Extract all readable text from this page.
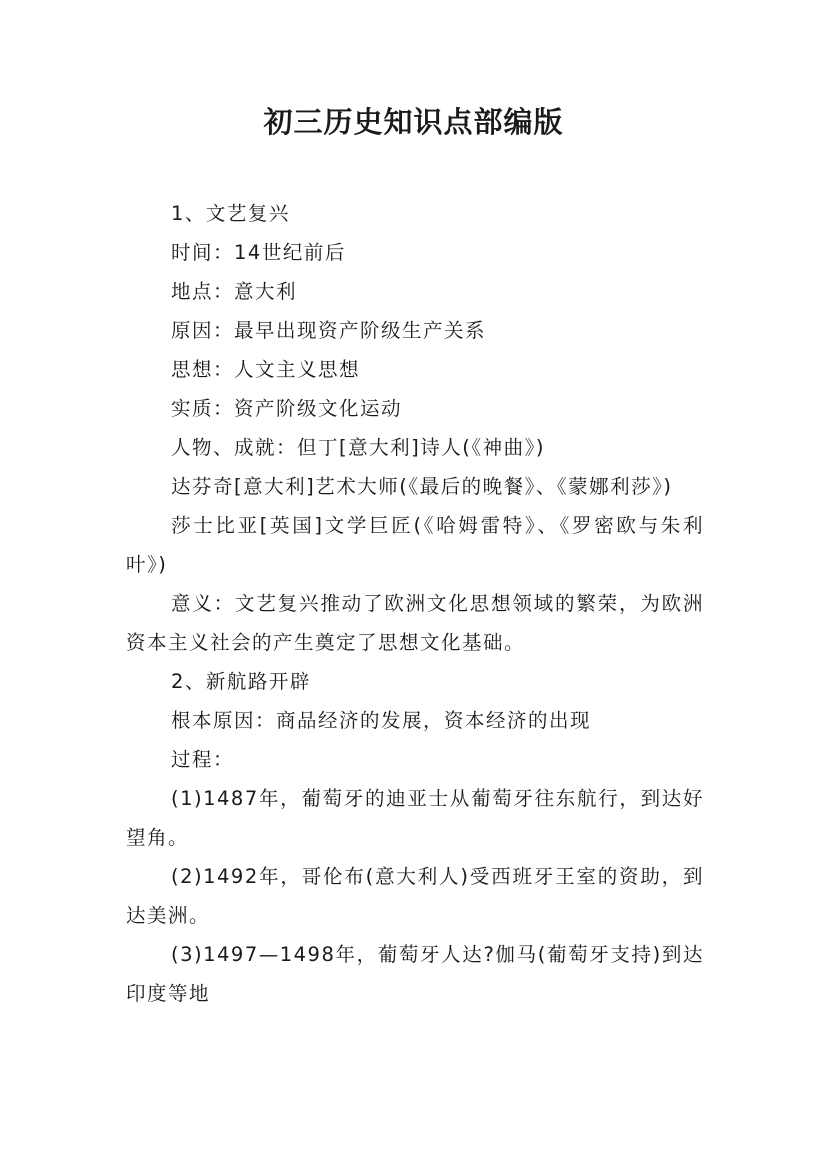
初三历史知识点部编版

1、文艺复兴

时间：14世纪前后

地点：意大利

原因：最早出现资产阶级生产关系

思想：人文主义思想

实质：资产阶级文化运动

人物、成就：但丁[意大利]诗人(《神曲》)

达芬奇[意大利]艺术大师(《最后的晚餐》、《蒙娜利莎》)

莎士比亚[英国]文学巨匠(《哈姆雷特》、《罗密欧与朱利叶》)

意义：文艺复兴推动了欧洲文化思想领域的繁荣，为欧洲资本主义社会的产生奠定了思想文化基础。

2、新航路开辟

根本原因：商品经济的发展，资本经济的出现

过程：

(1)1487年，葡萄牙的迪亚士从葡萄牙往东航行，到达好望角。

(2)1492年，哥伦布(意大利人)受西班牙王室的资助，到达美洲。

(3)1497—1498年，葡萄牙人达?伽马(葡萄牙支持)到达印度等地
